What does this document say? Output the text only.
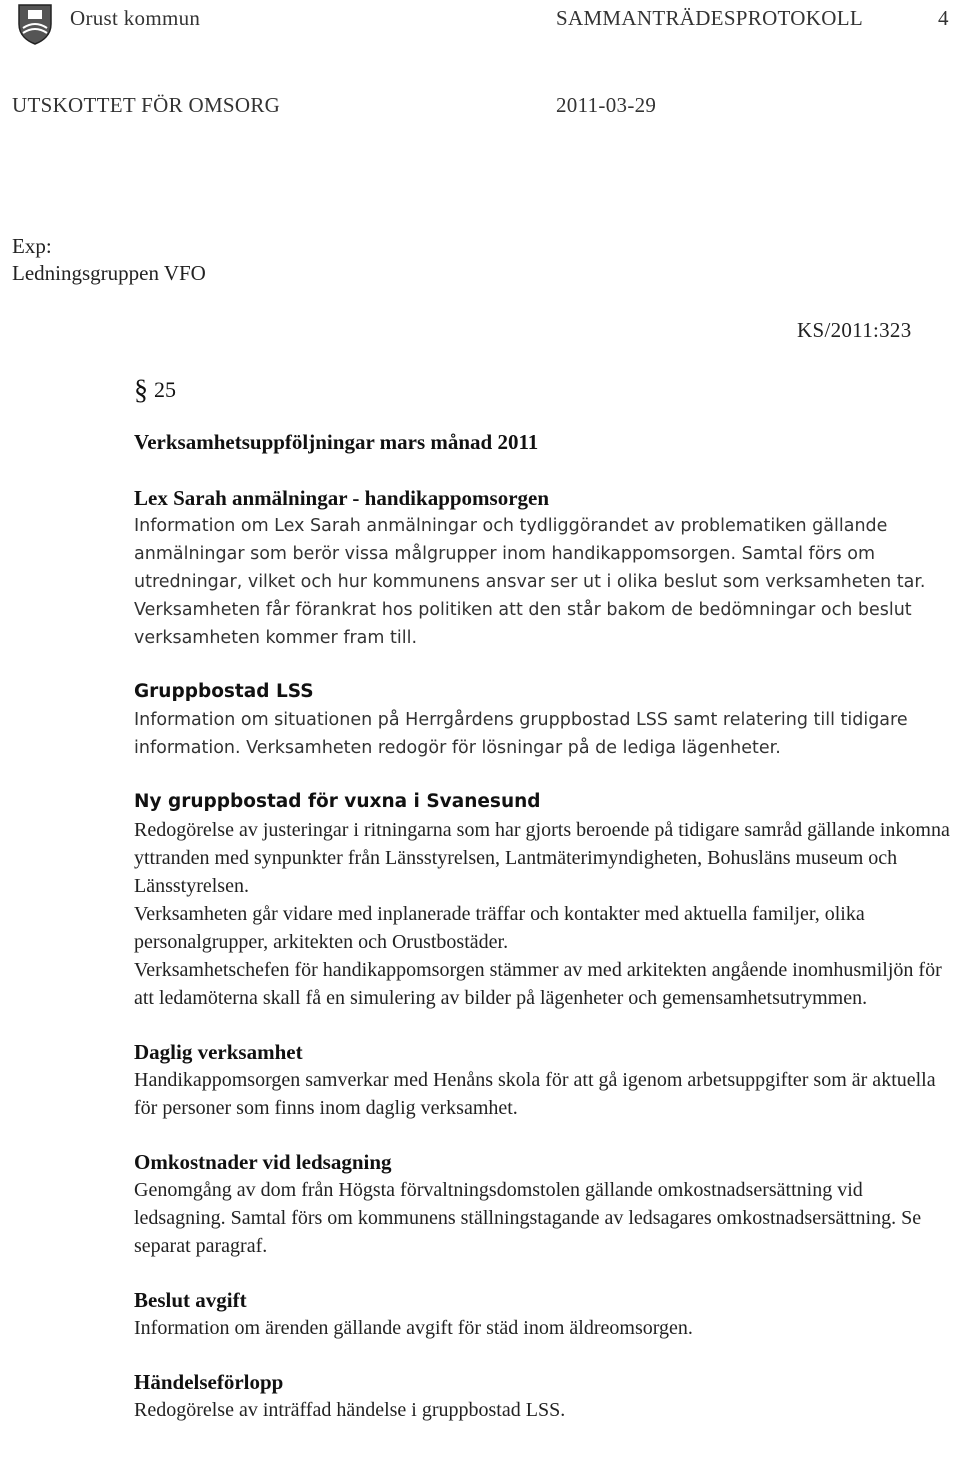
Orust kommun	SAMMANTRÄDESPROTOKOLL	4
UTSKOTTET FÖR OMSORG	2011-03-29
Exp:
Ledningsgruppen VFO
KS/2011:323
§ 25
Verksamhetsuppföljningar mars månad 2011
Lex Sarah anmälningar - handikappomsorgen
Information om Lex Sarah anmälningar och tydliggörandet av problematiken gällande anmälningar som berör vissa målgrupper inom handikappomsorgen. Samtal förs om utredningar, vilket och hur kommunens ansvar ser ut i olika beslut som verksamheten tar. Verksamheten får förankrat hos politiken att den står bakom de bedömningar och beslut verksamheten kommer fram till.
Gruppbostad LSS
Information om situationen på Herrgårdens gruppbostad LSS samt relatering till tidigare information. Verksamheten redogör för lösningar på de lediga lägenheter.
Ny gruppbostad för vuxna i Svanesund
Redogörelse av justeringar i ritningarna som har gjorts beroende på tidigare samråd gällande inkomna yttranden med synpunkter från Länsstyrelsen, Lantmäterimyndigheten, Bohusläns museum och Länsstyrelsen.
Verksamheten går vidare med inplanerade träffar och kontakter med aktuella familjer, olika personalgrupper, arkitekten och Orustbostäder.
Verksamhetschefen för handikappomsorgen stämmer av med arkitekten angående inomhusmiljön för att ledamöterna skall få en simulering av bilder på lägenheter och gemensamhetsutrymmen.
Daglig verksamhet
Handikappomsorgen samverkar med Henåns skola för att gå igenom arbetsuppgifter som är aktuella för personer som finns inom daglig verksamhet.
Omkostnader vid ledsagning
Genomgång av dom från Högsta förvaltningsdomstolen gällande omkostnadsersättning vid ledsagning. Samtal förs om kommunens ställningstagande av ledsagares omkostnadsersättning. Se separat paragraf.
Beslut avgift
Information om ärenden gällande avgift för städ inom äldreomsorgen.
Händelseförlopp
Redogörelse av inträffad händelse i gruppbostad LSS.
